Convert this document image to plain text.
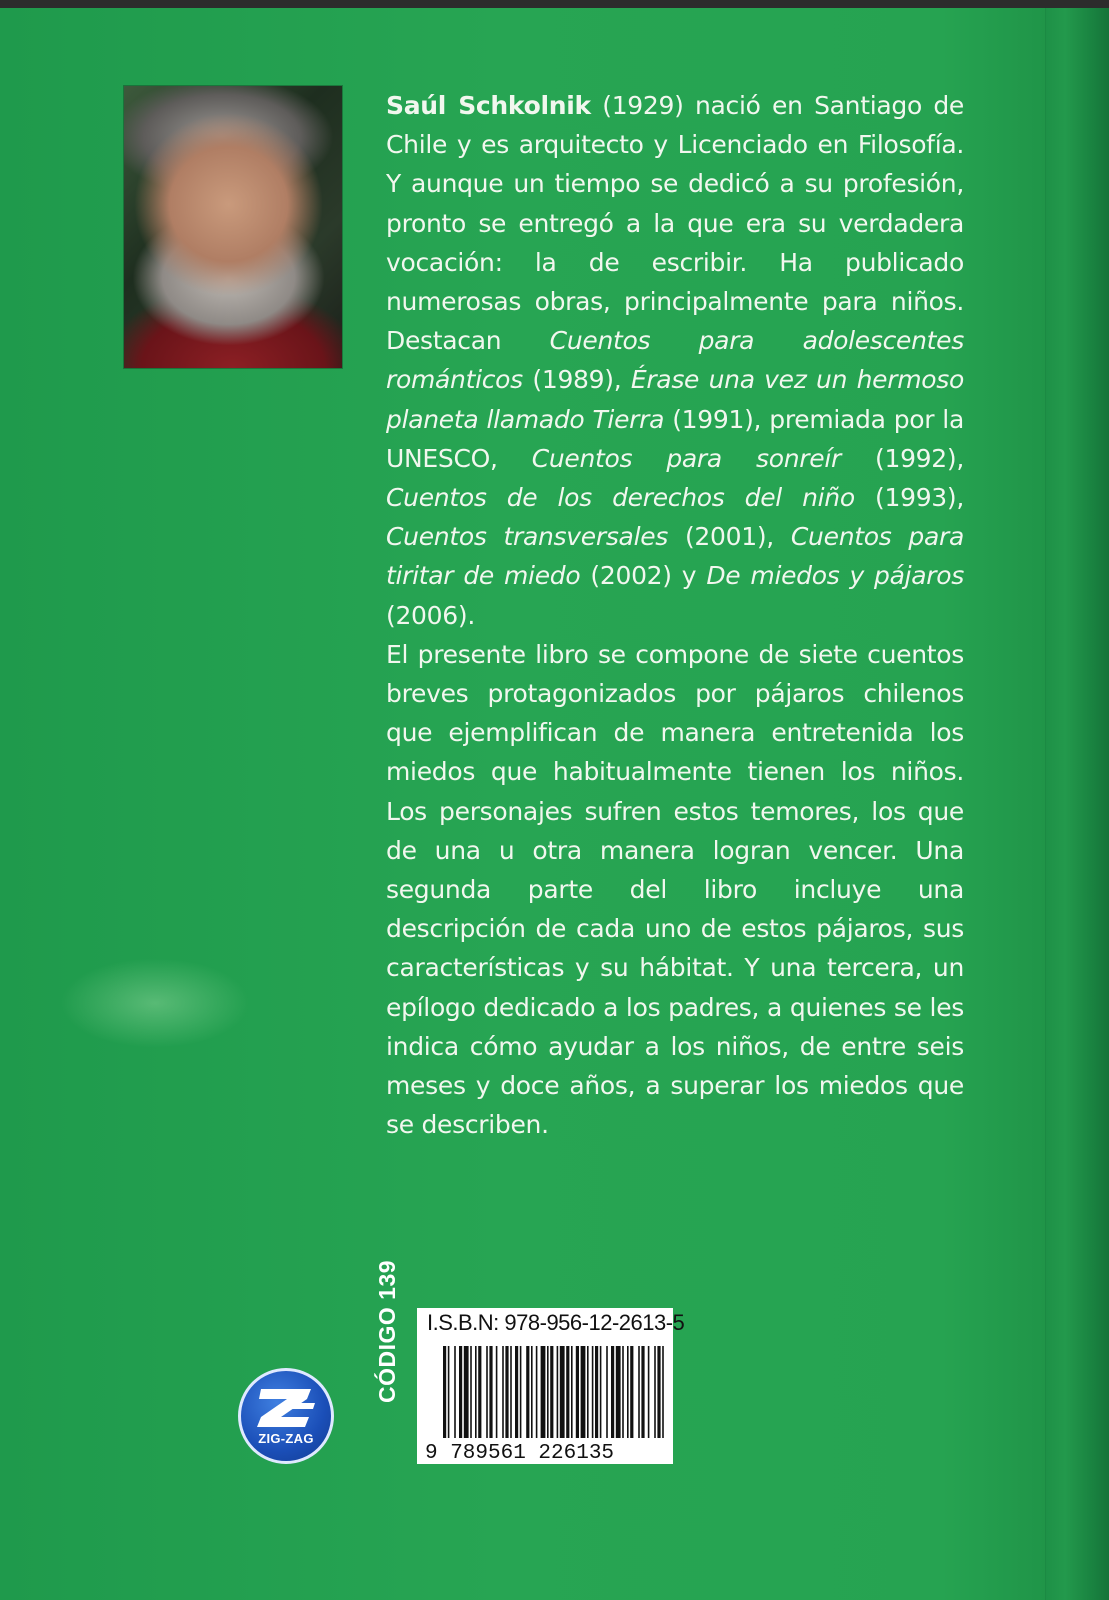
Saúl Schkolnik (1929) nació en Santiago de Chile y es arquitecto y Licenciado en Filosofía. Y aunque un tiempo se dedicó a su profesión, pronto se entregó a la que era su verdadera vocación: la de escribir. Ha publicado numerosas obras, principalmente para niños. Destacan Cuentos para adolescentes románticos (1989), Érase una vez un hermoso planeta llamado Tierra (1991), premiada por la UNESCO, Cuentos para sonreír (1992), Cuentos de los derechos del niño (1993), Cuentos transversales (2001), Cuentos para tiritar de miedo (2002) y De miedos y pájaros (2006).

El presente libro se compone de siete cuentos breves protagonizados por pájaros chilenos que ejemplifican de manera entretenida los miedos que habitualmente tienen los niños. Los personajes sufren estos temores, los que de una u otra manera logran vencer. Una segunda parte del libro incluye una descripción de cada uno de estos pájaros, sus características y su hábitat. Y una tercera, un epílogo dedicado a los padres, a quienes se les indica cómo ayudar a los niños, de entre seis meses y doce años, a superar los miedos que se describen.

CÓDIGO 139 I.S.B.N: 978-956-12-2613-5
9 789561 226135
ZIG-ZAG
